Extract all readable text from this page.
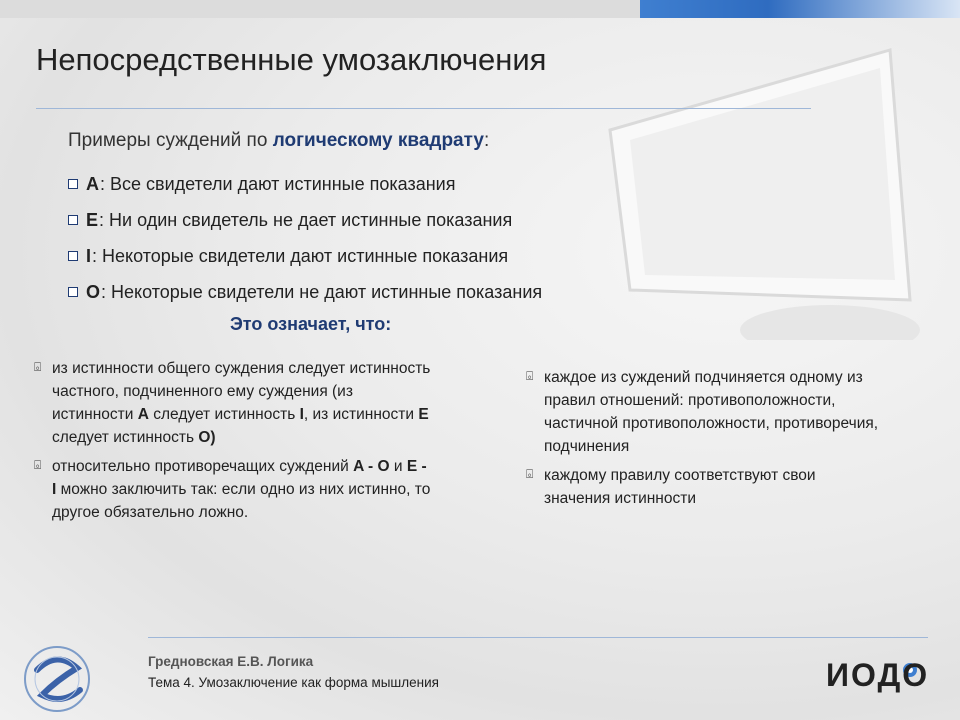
Непосредственные умозаключения
Примеры суждений по логическому квадрату:
A : Все свидетели дают истинные показания
E : Ни один свидетель не дает истинные показания
I : Некоторые свидетели дают истинные показания
O : Некоторые свидетели не дают истинные показания
Это означает, что:
⌻ из истинности общего суждения следует истинность частного, подчиненного ему суждения (из истинности A следует истинность I, из истинности E следует истинность O)
⌻ относительно противоречащих суждений A - O и E - I можно заключить так: если одно из них истинно, то другое обязательно ложно.
⌻ каждое из суждений подчиняется одному из правил отношений: противоположности, частичной противоположности, противоречия, подчинения
⌻ каждому правилу соответствуют свои значения истинности
Гредновская Е.В. Логика
Тема 4. Умозаключение как форма мышления	ИОДО
